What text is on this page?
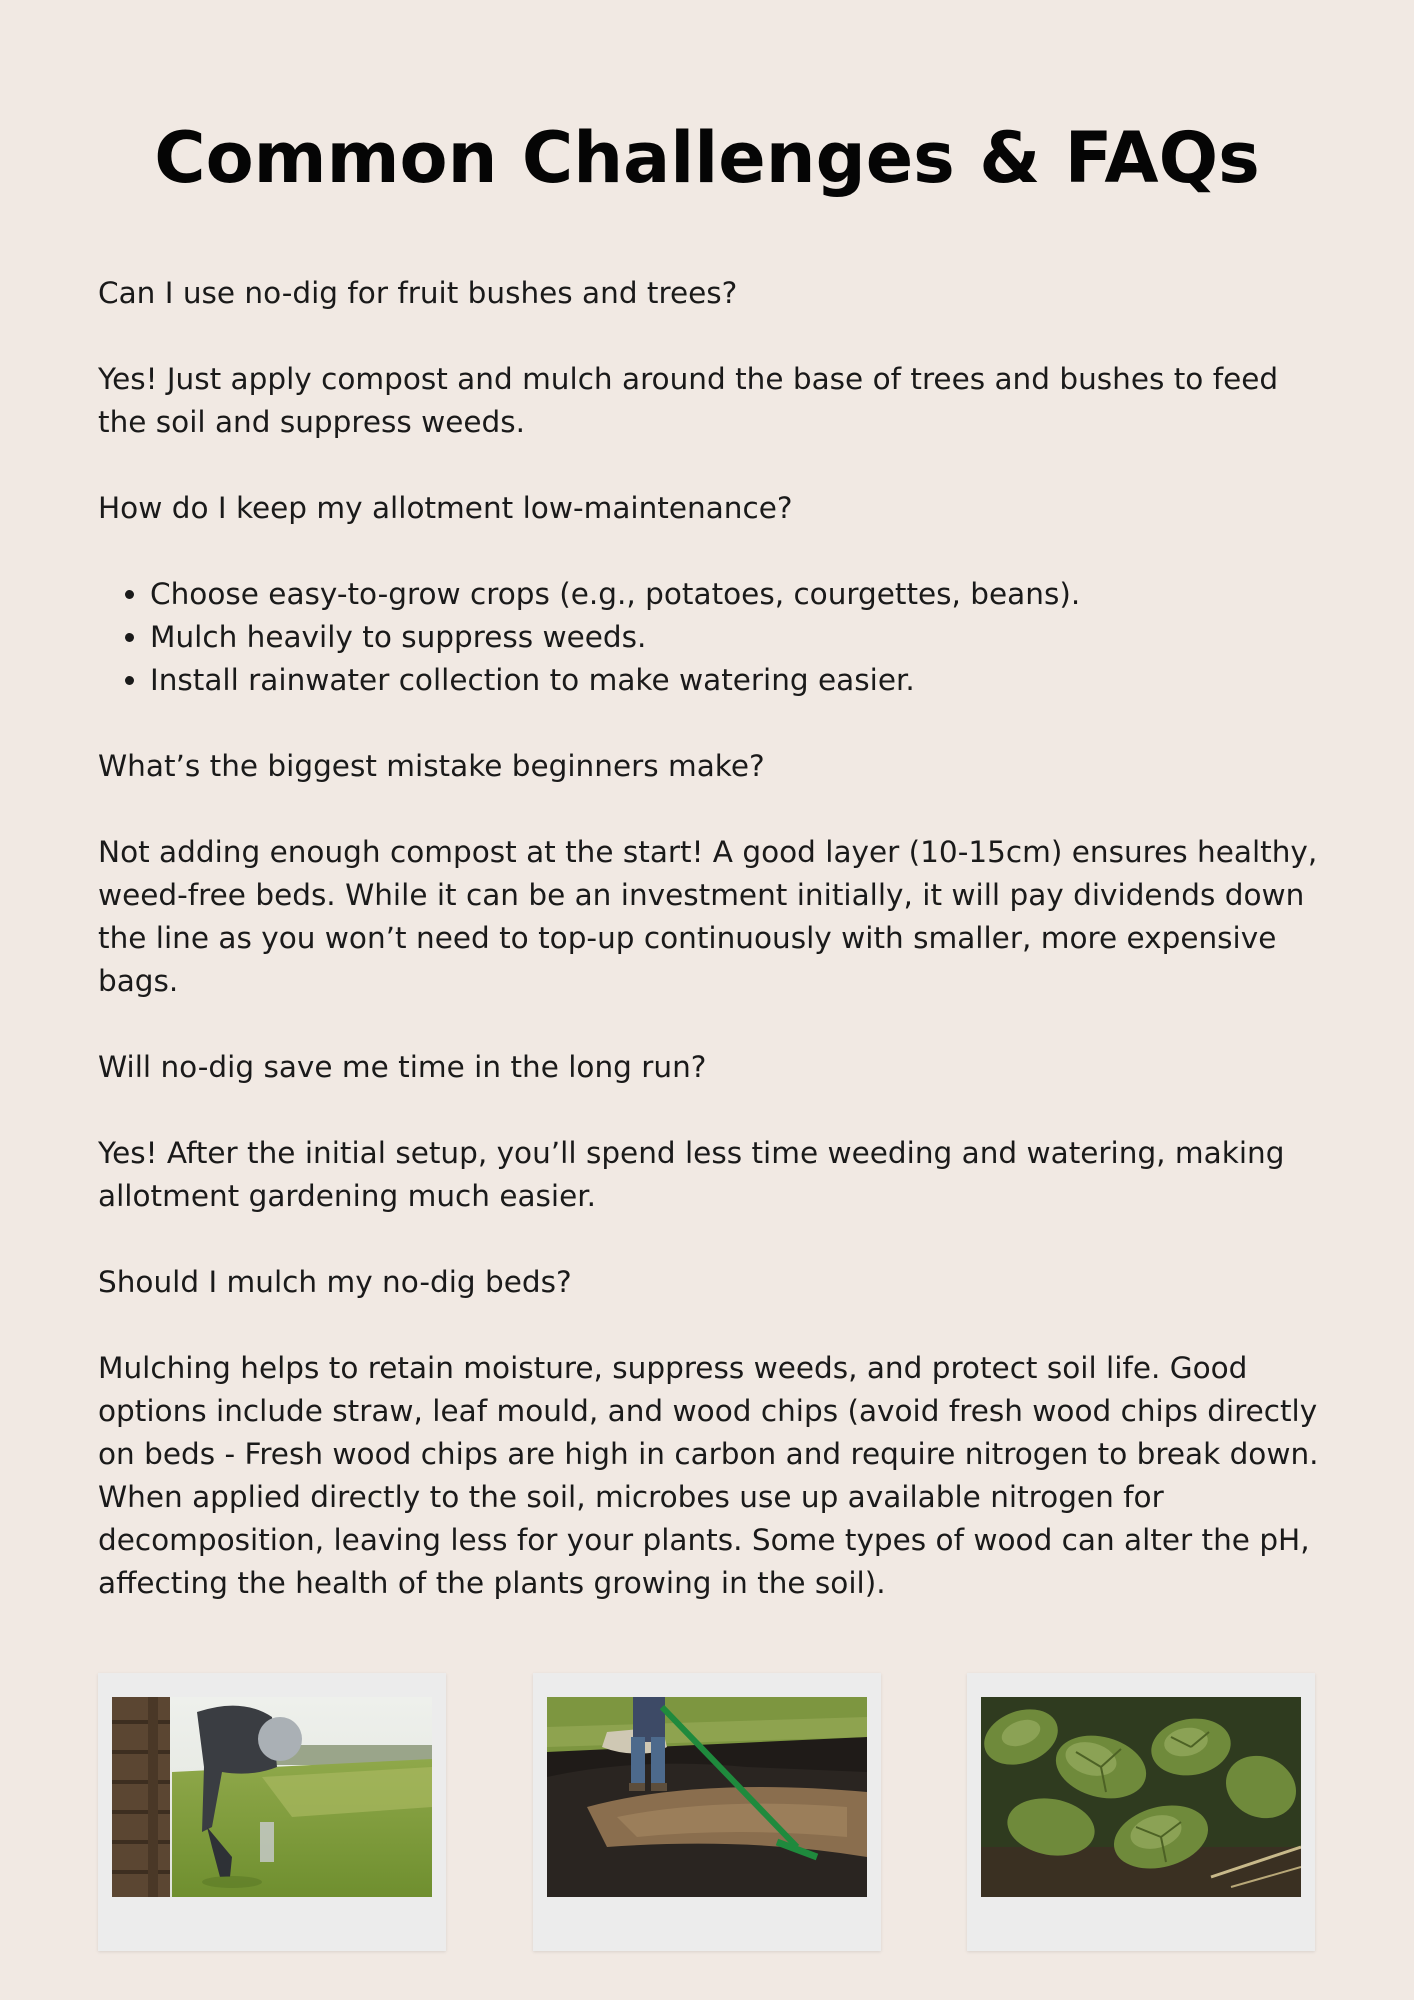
Common Challenges & FAQs

Can I use no-dig for fruit bushes and trees?

Yes! Just apply compost and mulch around the base of trees and bushes to feed the soil and suppress weeds.

How do I keep my allotment low-maintenance?

• Choose easy-to-grow crops (e.g., potatoes, courgettes, beans).
• Mulch heavily to suppress weeds.
• Install rainwater collection to make watering easier.

What’s the biggest mistake beginners make?

Not adding enough compost at the start! A good layer (10-15cm) ensures healthy, weed-free beds. While it can be an investment initially, it will pay dividends down the line as you won’t need to top-up continuously with smaller, more expensive bags.

Will no-dig save me time in the long run?

Yes! After the initial setup, you’ll spend less time weeding and watering, making allotment gardening much easier.

Should I mulch my no-dig beds?

Mulching helps to retain moisture, suppress weeds, and protect soil life. Good options include straw, leaf mould, and wood chips (avoid fresh wood chips directly on beds - Fresh wood chips are high in carbon and require nitrogen to break down. When applied directly to the soil, microbes use up available nitrogen for decomposition, leaving less for your plants. Some types of wood can alter the pH, affecting the health of the plants growing in the soil).
